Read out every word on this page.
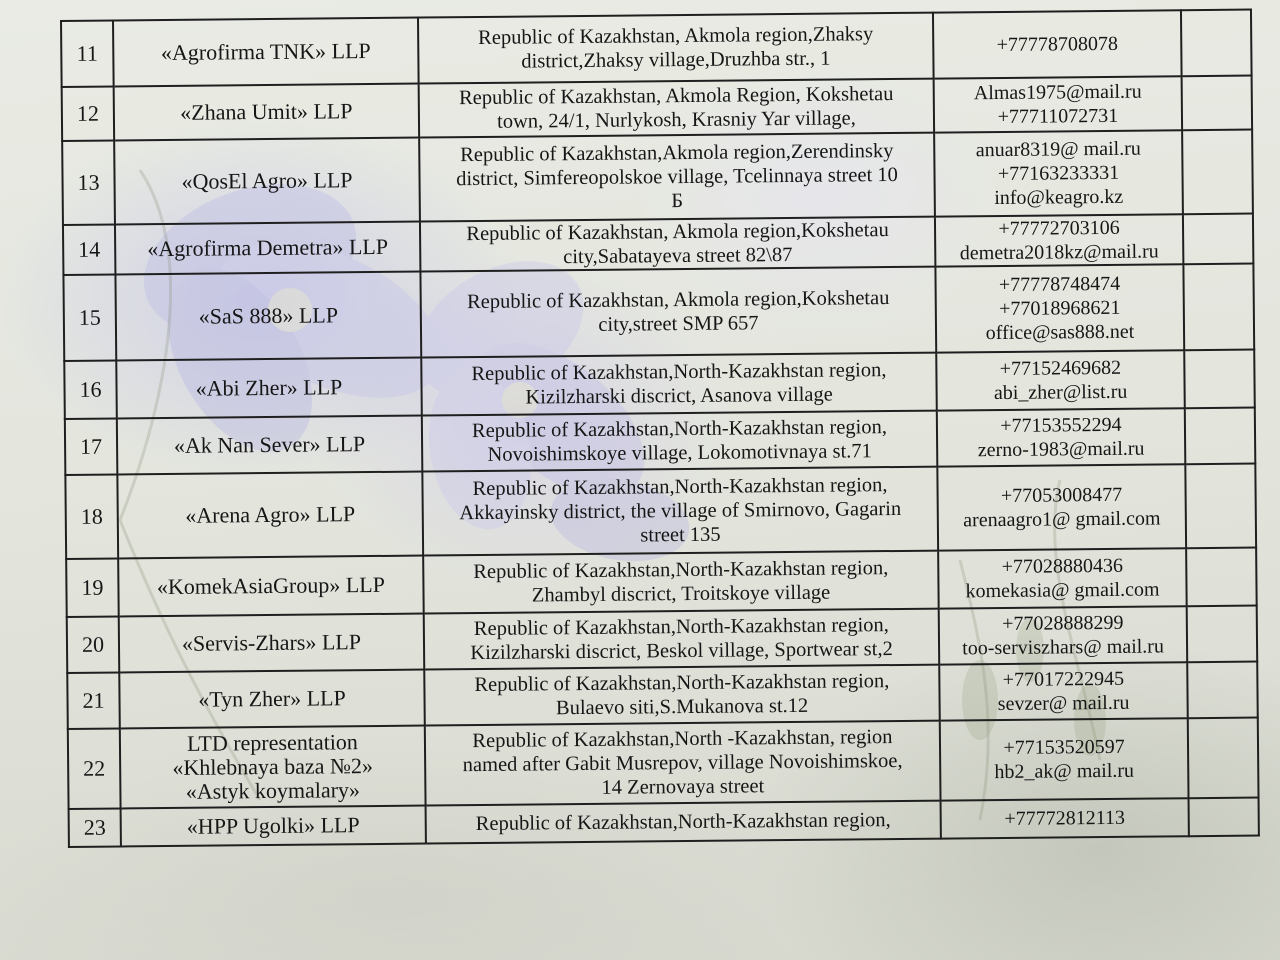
11	«Agrofirma TNK» LLP	Republic of Kazakhstan, Akmola region,Zhaksy
district,Zhaksy village,Druzhba str., 1	+77778708078	

12	«Zhana Umit» LLP	Republic of Kazakhstan, Akmola Region, Kokshetau
town, 24/1, Nurlykosh, Krasniy Yar village,	Almas1975@mail.ru
+77711072731	

13	«QosEl Agro» LLP	Republic of Kazakhstan,Akmola region,Zerendinsky
district, Simfereopolskoe village, Tcelinnaya street 10
Б	anuar8319@ mail.ru
+77163233331
info@keagro.kz	

14	«Agrofirma Demetra» LLP	Republic of Kazakhstan, Akmola region,Kokshetau
city,Sabatayeva street 82\87	+77772703106
demetra2018kz@mail.ru	

15	«SaS 888» LLP	Republic of Kazakhstan, Akmola region,Kokshetau
city,street SMP 657	+77778748474
+77018968621
office@sas888.net	

16	«Abi Zher» LLP	Republic of Kazakhstan,North-Kazakhstan region,
Kizilzharski discrict, Asanova village	+77152469682
abi_zher@list.ru	

17	«Ak Nan Sever» LLP	Republic of Kazakhstan,North-Kazakhstan region,
Novoishimskoye village, Lokomotivnaya st.71	+77153552294
zerno-1983@mail.ru	

18	«Arena Agro» LLP	Republic of Kazakhstan,North-Kazakhstan region,
Akkayinsky district, the village of Smirnovo, Gagarin
street 135	+77053008477
arenaagro1@ gmail.com	

19	«KomekAsiaGroup» LLP	Republic of Kazakhstan,North-Kazakhstan region,
Zhambyl discrict, Troitskoye village	+77028880436
komekasia@ gmail.com	

20	«Servis-Zhars» LLP	Republic of Kazakhstan,North-Kazakhstan region,
Kizilzharski discrict, Beskol village, Sportwear st,2	+77028888299
too-serviszhars@ mail.ru	

21	«Tyn Zher» LLP	Republic of Kazakhstan,North-Kazakhstan region,
Bulaevo siti,S.Mukanova st.12	+77017222945
sevzer@ mail.ru	

22	LTD representation
«Khlebnaya baza №2»
«Astyk koymalary»	Republic of Kazakhstan,North -Kazakhstan, region
named after Gabit Musrepov, village Novoishimskoe,
14 Zernovaya street	+77153520597
hb2_ak@ mail.ru	

23	«HPP Ugolki» LLP	Republic of Kazakhstan,North-Kazakhstan region,	+77772812113	
